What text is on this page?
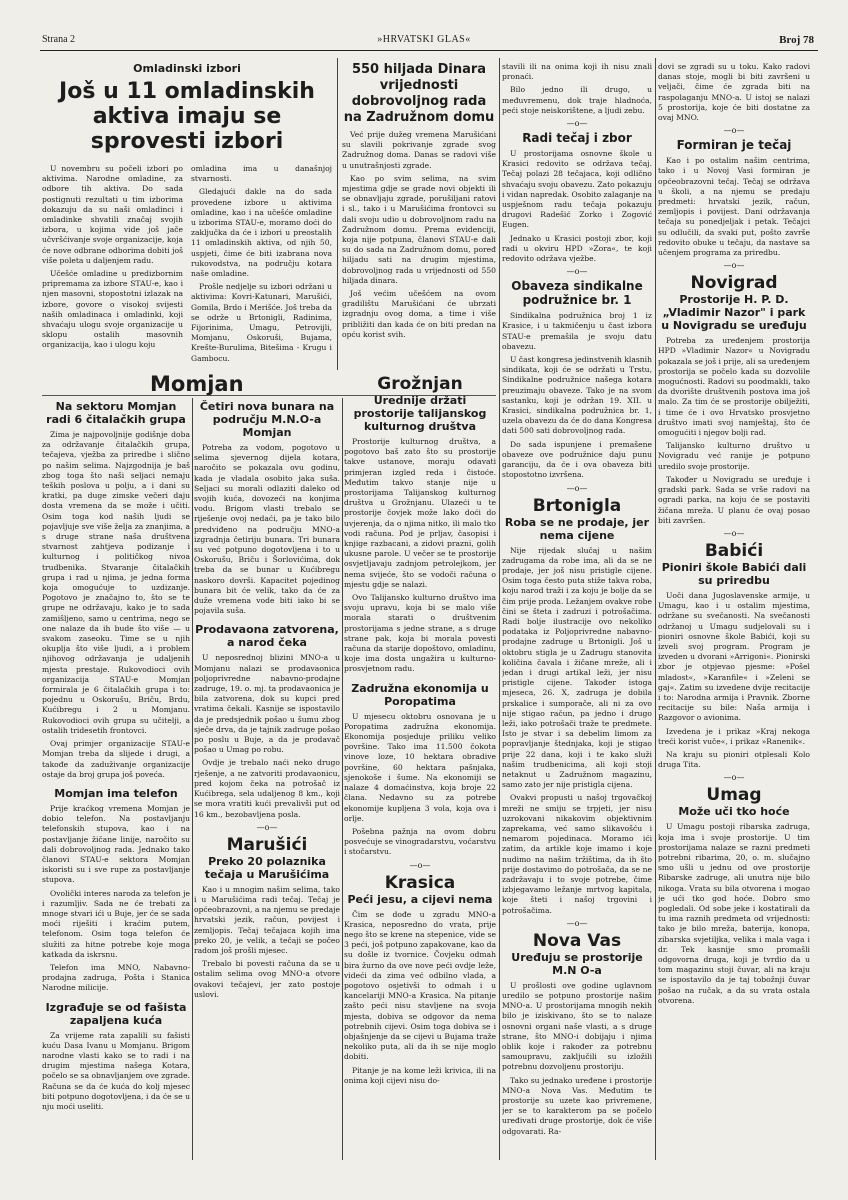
Strana 2	»HRVATSKI GLAS«	Broj 78
Omladinski izbori
Još u 11 omladinskih aktiva imaju se sprovesti izbori

U novembru su počeli izbori po aktivima. Narodne omladine, za odbore tih aktiva. Do sada postignuti rezultati u tim izborima dokazuju da su naši omladinci i omladinke shvatili značaj svojih izbora, u kojima vide još jače učvršćivanje svoje organizacije, koja će nove odbrane odborima dobiti još više poleta u daljenjem radu.

Učešće omladine u predizbornim pripremama za izbore STAU-e, kao i njen masovni, stopostotni izlazak na izbore, govore o visokoj svijesti naših omladinaca i omladinki, koji shvaćaju ulogu svoje organizacije u sklopu ostalih masovnih organizacija, kao i ulogu koju

omladina ima u današnjoj stvarnosti.

Gledajući dakle na do sada provedene izbore u aktivima omladine, kao i na učešće omladine u izborima STAU-e, moramo doći do zaključka da će i izbori u preostalih 11 omladinskih aktiva, od njih 50, uspjeti, čime će biti izabrana nova rukovodstva, na području kotara naše omladine.

Prošle nedjelje su izbori održani u aktivima: Kovri-Katunari, Marušići, Gomila, Brdo i Merišće. Još treba da se održe u Brtonigli, Radinima, Fijorinima, Umagu, Petrovijli, Momjanu, Oskoruši, Bujama, Krešte-Burulima, Bitešima - Krugu i Gambocu.

550 hiljada Dinara vrijednosti dobrovoljnog rada na Zadružnom domu

Već prije dužeg vremena Marušićani su slavili pokrivanje zgrade svog Zadružnog doma. Danas se radovi više u unutrašnjosti zgrade.

Kao po svim selima, na svim mjestima gdje se grade novi objekti ili se obnavljaju zgrade, porušiljani ratovi i sl., tako i u Marušićima frontovci su dali svoju udio u dobrovoljnom radu na Zadružnom domu. Prema evidenciji, koja nije potpuna, članovi STAU-e dali su do sada na Zadružnom domu, poređ hiljadu sati na drugim mjestima, dobrovoljnog rada u vrijednosti od 550 hiljada dinara.

Još većim učešćem na ovom gradilištu Marušićani će ubrzati izgradnju ovog doma, a time i više približiti dan kada će on biti predan na opću korist svih.

Momjan
Na sektoru Momjan radi 6 čitalačkih grupa

Zima je najpovoljnije godišnje doba za održavanje čitalačkih grupa, tečajeva, vježba za priredbe i slično po našim selima. Najzgodnija je baš zbog toga što naši seljaci nemaju teških poslova u polju, a i dani su kratki, pa duge zimske večeri daju dosta vremena da se može i učiti. Osim toga kod naših ljudi se pojavljuje sve više želja za znanjima, a s druge strane naša društvena stvarnost zahtjeva podizanje i kulturnog i političkog nivoa trudbenika. Stvaranje čitalačkih grupa i rad u njima, je jedna forma koja omogućuje to uzdizanje. Pogotovo je značajno to, što se te grupe ne održavaju, kako je to sada zamišljeno, samo u centrima, nego se one nalaze da ih bude što više — u svakom zaseoku. Time se u njih okuplja što više ljudi, a i problem njihovog održavanja je udaljenih mjesta prestaje. Rukovodioci ovih organizacija STAU-e Momjan formirala je 6 čitalačkih grupa i to: pojednu u Oskorušu, Briču, Brdu, Kućibregu i 2 u Momjanu. Rukovodioci ovih grupa su učitelji, a ostalih tridesetih frontovci.

Ovaj primjer organizacije STAU-e Momjan treba da slijede i drugi, a takođe da zaduživanje organizacije ostaje da broj grupa još poveća.

Momjan ima telefon

Prije kraćkog vremena Momjan je dobio telefon. Na postavljanju telefonskih stupova, kao i na postavljanje žičane linije, naročito su dali dobrovoljnog rada. Jednako tako članovi STAU-e sektora Momjan iskoristi su i sve rupe za postavljanje stupova.

Ovolički interes naroda za telefon je i razumljiv. Sada ne će trebati za mnoge stvari ići u Buje, jer će se sada moći riješiti i kraćim putem, telefonom. Osim toga telefon će služiti za hitne potrebe koje moga katkada da iskrsnu.

Telefon ima MNO, Nabavno-prodajna zadruga, Pošta i Stanica Narodne milicije.

Izgrađuje se od fašista zapaljena kuća

Za vrijeme rata zapalili su fašisti kuću Dasa Ivanu u Momjanu. Brigom narodne vlasti kako se to radi i na drugim mjestima našega Kotara, počelo se sa obnavljanjem ove zgrade. Računa se da će kuća do kolj mjesec biti potpuno dogotovljena, i da će se u nju moći useliti.

Četiri nova bunara na području M.N.O-a Momjan

Potreba za vodom, pogotovo u selima sjevernog dijela kotara, naročito se pokazala ovu godinu, kada je vladala osobito jaka suša. Seljaci su morali odlaziti daleko od svojih kuća, dovozeći na konjima vodu. Brigom vlasti trebalo se riješenje ovoj nedaći, pa je tako bilo predviđeno na području MNO-a izgradnja četiriju bunara. Tri bunara su već potpuno dogotovljena i to u Oskorušu, Briču i Šorlovićima, dok treba da se bunar u Kućibregu naskoro dovrši. Kapacitet pojedinog bunara bit će velik, tako da će za duže vremena vode biti iako bi se pojavila suša.

Prodavaona zatvorena, a narod čeka

U neposrednoj blizini MNO-a u Momjanu nalazi se prodavaonica poljoprivredne nabavno-prodajne zadruge, 19. o. mj. ta prodavaonica je bila zatvorena, dok su kupci pred vratima čekali. Kasnije se ispostavilo da je predsjednik pošao u šumu zbog sječe drva, da je tajnik zadruge pošao po poslu u Buje, a da je prodavač pošao u Umag po robu.

Ovdje je trebalo naći neko drugo rješenje, a ne zatvoriti prodavaonicu, pred kojom čeka na potrošač iz Kućibrega, sela udaljenog 8 km., koji se mora vratiti kući prevalivši put od 16 km., bezobavljena posla.

—o—
Marušići
Preko 20 polaznika tečaja u Marušićima

Kao i u mnogim našim selima, tako i u Marušićima radi tečaj. Tečaj je općeobrazovni, a na njemu se predaje hrvatski jezik, račun, povijest i zemljopis. Tečaj tečajaca kojih ima preko 20, je velik, a tečaji se počeo radom još prošli mjesec.

Trebalo bi povesti računa da se u ostalim selima ovog MNO-a otvore ovakovi tečajevi, jer zato postoje uslovi.

Grožnjan
Urednije držati prostorije talijanskog kulturnog društva

Prostorije kulturnog društva, a pogotovo baš zato što su prostorije takve ustanove, moraju odavati primjeran izgled reda i čistoće. Međutim takvo stanje nije u prostorijama Talijanskog kulturnog društva u Grožnjanu. Ulazeći u te prostorije čovjek može lako doći do uvjerenja, da o njima nitko, ili malo tko vodi računa. Pod je prljav, časopisi i knjige razbacani, a zidovi prazni, golih ukusne parole. U večer se te prostorije osvjetljavaju zadnjom petrolejkom, jer nema svijeće, što se vodoči računa o mjestu gdje se nalazi.

Ovo Talijansko kulturno društvo ima svoju upravu, koja bi se malo više morala starati o društvenim prostorijama s jedne strane, a s druge strane pak, koja bi morala povesti računa da starije dopoštovo, omladinu, koje ima dosta ungažira u kulturno-prosvjetnom radu.

Zadružna ekonomija u Poropatima

U mjesecu oktobru osnovana je u Poropatima zadružna ekonomija. Ekonomija posjeduje priliku veliko površine. Tako ima 11.500 čokota vinove loze, 10 hektara obradive površine, 60 hektara pašnjaka, sjenokoše i šume. Na ekonomiji se nalaze 4 domaćinstva, koja broje 22 člana. Nedavno su za potrebe ekonomije kupljena 3 vola, koja ova i orlje.

Pošebna pažnja na ovom dobru posvećuje se vinogradarstvu, voćarstvu i stočarstvu.

—o—
Krasica
Peći jesu, a cijevi nema

Čim se dođe u zgradu MNO-a Krasica, neposredno do vrata, prije nego što se krene na stepenice, vide se 3 peći, još potpuno zapakovane, kao da su došle iz tvornice. Čovjeku odmah bira žurno da ove nove peći ovdje leže, videći da zima već odbilno vlada, a pogotovo osjetivši to odmah i u kancelariji MNO-a Krasica. Na pitanje zašto peći nisu stavljene na svoja mjesta, dobiva se odgovor da nema potrebnih cijevi. Osim toga dobiva se i objašnjenje da se cijevi u Bujama traže nekoliko puta, ali da ih se nije moglo dobiti.

Pitanje je na kome leži krivica, ili na onima koji cijevi nisu do-

stavili ili na onima koji ih nisu znali pronaći.

Bilo jedno ili drugo, u međuvremenu, dok traje hladnoća, peći stoje neiskorištene, a ljudi zebu.

—o—
Radi tečaj i zbor

U prostorijama osnovne škole u Krasici redovito se održava tečaj. Tečaj polazi 28 tečajaca, koji odlično shvaćaju svoju obavezu. Zato pokazuju i vidan napredak. Osobito zalaganje na uspješnom radu tečaja pokazuju drugovi Radešić Zorko i Zogović Eugen.

Jednako u Krasici postoji zbor, koji radi u okviru HPD »Zora«, te koji redovito održava vježbe.

—o—
Obaveza sindikalne podružnice br. 1

Sindikalna podružnica broj 1 iz Krasice, i u takmičenju u čast izbora STAU-e premašila je svoju datu obavezu.

U čast kongresa jedinstvenih klasnih sindikata, koji će se održati u Trstu, Sindikalne podružnice našega kotara preuzimaju obaveze. Tako je na svom sastanku, koji je održan 19. XII. u Krasici, sindikalna podružnica br. 1, uzela obavezu da će do dana Kongresa dati 500 sati dobrovoljnog rada.

Do sada ispunjene i premašene obaveze ove podružnice daju punu garanciju, da će i ova obaveza biti stopostotno izvršena.

—o—
Brtonigla
Roba se ne prodaje, jer nema cijene

Nije rijedak slučaj u našim zadrugama da robe ima, ali da se ne prodaje, jer još nisu pristigle cijene. Osim toga često puta stiže takva roba, koju narod traži i za koju je bolje da se čim prije proda. Ležanjem ovakve robe čini se šteta i zadruzi i potrošačima. Radi bolje ilustracije ovo nekoliko podataka iz Poljoprivredne nabavno-prodajne zadruge u Brtonigli. Još u oktobru stigla je u Zadrugu stanovita količina čavala i žičane mreže, ali i jedan i drugi artikal leži, jer nisu pristigle cijene. Također istoga mjeseca, 26. X, zadruga je dobila prskalice i sumporače, ali ni za ovo nije stigao račun, pa jedno i drugo leži, iako potrošači traže te predmete. Isto je stvar i sa debelim limom za popravljanje štednjaka, koji je stigao prije 22 dana, koji i te kako služi našim trudbenicima, ali koji stoji netaknut u Zadružnom magazinu, samo zato jer nije pristigla cijena.

Ovakvi propusti u našoj trgovačkoj mreži ne smiju se trpjeti, jer nisu uzrokovani nikakovim objektivnim zaprekama, već samo slikavošću i nemarom pojedinaca. Moramo ići zatim, da artikle koje imamo i koje nudimo na našim tržištima, da ih što prije dostavimo do potrošača, da se ne zadržavaju i to svoje potrebe, čime izbjegavamo ležanje mrtvog kapitala, koje šteti i našoj trgovini i potrošačima.

—o—
Nova Vas
Uređuju se prostorije M.N O-a

U prošlosti ove godine uglavnom uredilo se potpuno prostorije našim MNO-a. U prostorijama mnogih nekih bilo je iziskivano, što se to nalaze osnovni organi naše vlasti, a s druge strane, što MNO-i dobijaju i njima oblik koje i rakođer za potrebnu samoupravu, zaključili su izložili potrebnu dozvoljenu prostoriju.

Tako su jednako uređene i prostorije MNO-a Nova Vas. Međutim te prostorije su uzete kao privremene, jer se to karakterom pa se počelo uređivati druge prostorije, dok će više odgovarati. Ra-

dovi se zgradi su u toku. Kako radovi danas stoje, mogli bi biti završeni u veljači, čime će zgrada biti na raspolaganju MNO-a. U istoj se nalazi 5 prostorija, koje će biti dostatne za ovaj MNO.

—o—
Formiran je tečaj

Kao i po ostalim našim centrima, tako i u Novoj Vasi formiran je općeobrazovni tečaj. Tečaj se održava u školi, a na njemu se predaju predmeti: hrvatski jezik, račun, zemljopis i povijest. Dani održavanja tečaja su ponedjeljak i petak. Tečajci su odlučili, da svaki put, pošto završe redovito obuke u tečaju, da nastave sa učenjem programa za priredbu.

—o—
Novigrad
Prostorije H. P. D. „Vladimir Nazor" i park u Novigradu se uređuju

Potreba za uređenjem prostorija HPD »Vladimir Nazor« u Novigradu pokazala se još i prije, ali sa uređenjem prostorija se počelo kada su dozvolile mogućnosti. Radovi su poodmakli, tako da dvorište društvenih postova ima još malo. Za tim će se prostorije obilježiti, i time će i ovo Hrvatsko prosvjetno društvo imati svoj namještaj, što će omogućiti i njegov bolji rad.

Talijansko kulturno društvo u Novigradu već ranije je potpuno uredilo svoje prostorije.

Također u Novigradu se uređuje i gradski park. Sada se vrše radovi na ogradi parka, na koju će se postaviti žičana mreža. U planu će ovaj posao biti završen.

—o—
Babići
Pioniri škole Babići dali su priredbu

Uoči dana Jugoslavenske armije, u Umagu, kao i u ostalim mjestima, održane su svečanosti. Na svečanosti održanoj u Umagu sudjelovali su i pioniri osnovne škole Babići, koji su izveli svoj program. Program je izveden u dvorani »Arrigoni«. Pionirski zbor je otpjevao pjesme: »Pošel mladost«, »Karanfile« i »Zeleni se gaj«. Zatim su izvedene dvije recitacije i to: Narodna armija i Pravnik. Zborne recitacije su bile: Naša armija i Razgovor o avionima.

Izvedena je i prikaz »Kraj nekoga treći korist vuče«, i prikaz »Ranenik«.

Na kraju su pioniri otplesali Kolo druga Tita.

—o—
Umag
Može uči tko hoće

U Umagu postoji ribarska zadruga, koja ima i svoje prostorije. U tim prostorijama nalaze se razni predmeti potrebni ribarima, 20, o. m. slučajno smo ušli u jednu od ove prostorije Ribarske zadruge, ali unutra nije bilo nikoga. Vrata su bila otvorena i mogao je ući tko god hoće. Dobro smo pogledali. Od sobe jeke i kostatirali da tu ima raznih predmeta od vrijednosti: tako je bilo mreža, baterija, konopa, zibarska svjetiljka, velika i mala vaga i dr. Tek kasnije smo promašli odgovorna druga, koji je tvrdio da u tom magazinu stoji čuvar, ali na kraju se ispostavilo da je taj tobožnji čuvar pošao na ručak, a da su vrata ostala otvorena.
